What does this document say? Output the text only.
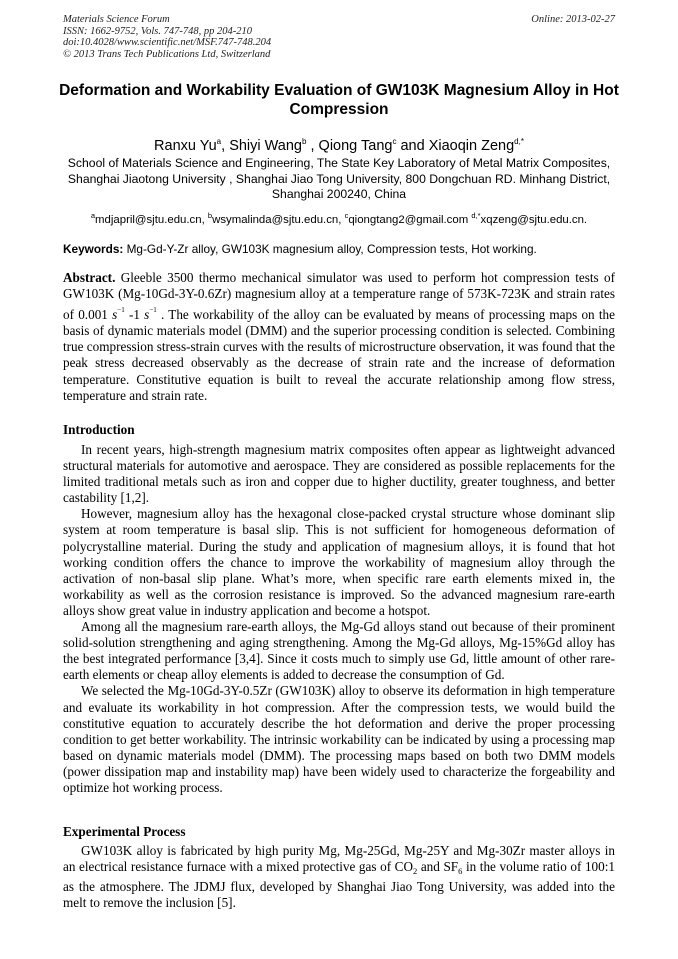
Materials Science Forum
ISSN: 1662-9752, Vols. 747-748, pp 204-210
doi:10.4028/www.scientific.net/MSF.747-748.204
© 2013 Trans Tech Publications Ltd, Switzerland
Online: 2013-02-27
Deformation and Workability Evaluation of GW103K Magnesium Alloy in Hot Compression
Ranxu Yu$^a$, Shiyi Wang$^b$ , Qiong Tang$^c$ and Xiaoqin Zeng$^{d,*}$
School of Materials Science and Engineering, The State Key Laboratory of Metal Matrix Composites, Shanghai Jiaotong University , Shanghai Jiao Tong University, 800 Dongchuan RD. Minhang District, Shanghai 200240, China
$^a$mdjapril@sjtu.edu.cn, $^b$wsymalinda@sjtu.edu.cn, $^c$qiongtang2@gmail.com $^{d,*}$xqzeng@sjtu.edu.cn.
Keywords: Mg-Gd-Y-Zr alloy, GW103K magnesium alloy, Compression tests, Hot working.
Abstract. Gleeble 3500 thermo mechanical simulator was used to perform hot compression tests of GW103K (Mg-10Gd-3Y-0.6Zr) magnesium alloy at a temperature range of 573K-723K and strain rates of 0.001 $s^{-1}$ -1 $s^{-1}$ . The workability of the alloy can be evaluated by means of processing maps on the basis of dynamic materials model (DMM) and the superior processing condition is selected. Combining true compression stress-strain curves with the results of microstructure observation, it was found that the peak stress decreased observably as the decrease of strain rate and the increase of deformation temperature. Constitutive equation is built to reveal the accurate relationship among flow stress, temperature and strain rate.
Introduction

In recent years, high-strength magnesium matrix composites often appear as lightweight advanced structural materials for automotive and aerospace. They are considered as possible replacements for the limited traditional metals such as iron and copper due to higher ductility, greater toughness, and better castability [1,2].

However, magnesium alloy has the hexagonal close-packed crystal structure whose dominant slip system at room temperature is basal slip. This is not sufficient for homogeneous deformation of polycrystalline material. During the study and application of magnesium alloys, it is found that hot working condition offers the chance to improve the workability of magnesium alloy through the activation of non-basal slip plane. What’s more, when specific rare earth elements mixed in, the workability as well as the corrosion resistance is improved. So the advanced magnesium rare-earth alloys show great value in industry application and become a hotspot.

Among all the magnesium rare-earth alloys, the Mg-Gd alloys stand out because of their prominent solid-solution strengthening and aging strengthening. Among the Mg-Gd alloys, Mg-15%Gd alloy has the best integrated performance [3,4]. Since it costs much to simply use Gd, little amount of other rare-earth elements or cheap alloy elements is added to decrease the consumption of Gd.

We selected the Mg-10Gd-3Y-0.5Zr (GW103K) alloy to observe its deformation in high temperature and evaluate its workability in hot compression. After the compression tests, we would build the constitutive equation to accurately describe the hot deformation and derive the proper processing condition to get better workability. The intrinsic workability can be indicated by using a processing map based on dynamic materials model (DMM). The processing maps based on both two DMM models (power dissipation map and instability map) have been widely used to characterize the forgeability and optimize hot working process.

Experimental Process

GW103K alloy is fabricated by high purity Mg, Mg-25Gd, Mg-25Y and Mg-30Zr master alloys in an electrical resistance furnace with a mixed protective gas of $CO_2$ and $SF_6$ in the volume ratio of 100:1 as the atmosphere. The JDMJ flux, developed by Shanghai Jiao Tong University, was added into the melt to remove the inclusion [5].
